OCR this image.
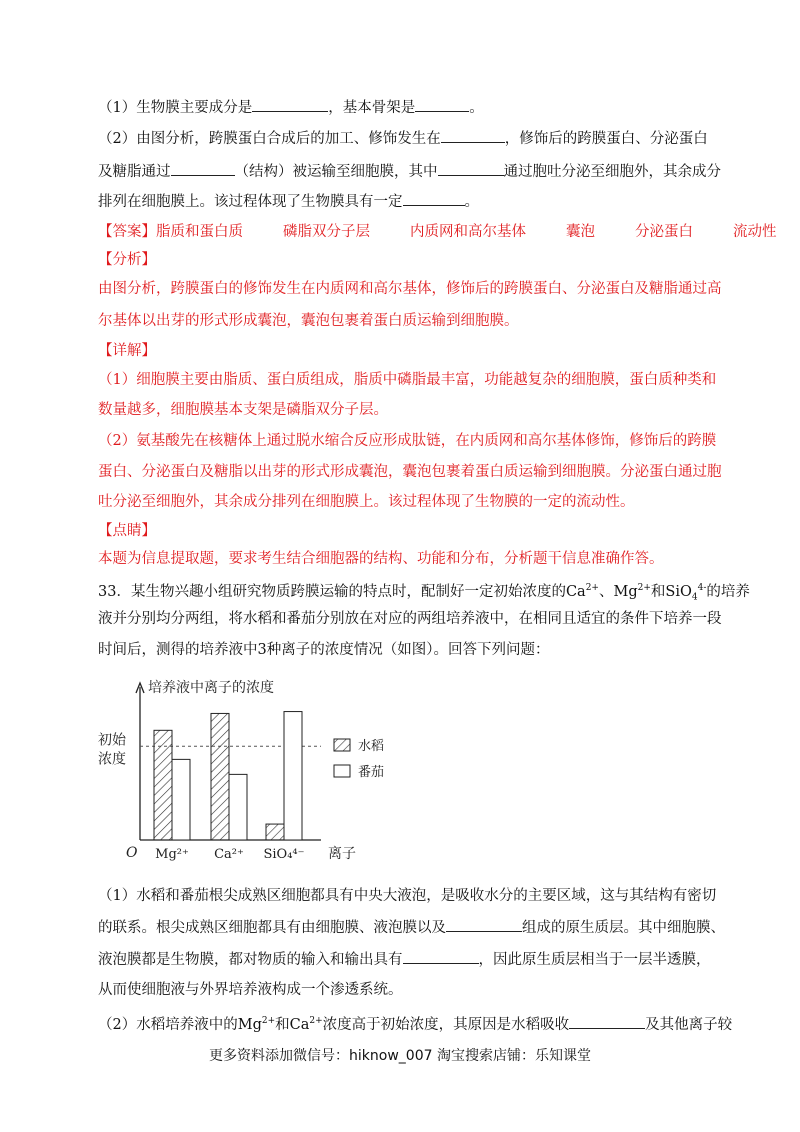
（1）生物膜主要成分是	，基本骨架是	。
（2）由图分析，跨膜蛋白合成后的加工、修饰发生在	，修饰后的跨膜蛋白、分泌蛋白
及糖脂通过	（结构）被运输至细胞膜，其中	通过胞吐分泌至细胞外，其余成分
排列在细胞膜上。该过程体现了生物膜具有一定	。
【答案】脂质和蛋白质	磷脂双分子层	内质网和高尔基体	囊泡	分泌蛋白	流动性
【分析】
由图分析，跨膜蛋白的修饰发生在内质网和高尔基体，修饰后的跨膜蛋白、分泌蛋白及糖脂通过高
尔基体以出芽的形式形成囊泡，囊泡包裹着蛋白质运输到细胞膜。
【详解】
（1）细胞膜主要由脂质、蛋白质组成，脂质中磷脂最丰富，功能越复杂的细胞膜，蛋白质种类和
数量越多，细胞膜基本支架是磷脂双分子层。
（2）氨基酸先在核糖体上通过脱水缩合反应形成肽链，在内质网和高尔基体修饰，修饰后的跨膜
蛋白、分泌蛋白及糖脂以出芽的形式形成囊泡，囊泡包裹着蛋白质运输到细胞膜。分泌蛋白通过胞
吐分泌至细胞外，其余成分排列在细胞膜上。该过程体现了生物膜的一定的流动性。
【点睛】
本题为信息提取题，要求考生结合细胞器的结构、功能和分布，分析题干信息准确作答。
33．某生物兴趣小组研究物质跨膜运输的特点时，配制好一定初始浓度的$Ca^{2+}$、$Mg^{2+}$和SiO$_4^{4-}$的培养
液并分别均分两组，将水稻和番茄分别放在对应的两组培养液中，在相同且适宜的条件下培养一段
时间后，测得的培养液中3种离子的浓度情况（如图）。回答下列问题：
培养液中离子的浓度
O	离子
初始
浓度
Mg²⁺ Ca²⁺ SiO₄⁴⁻
水稻
番茄
（1）水稻和番茄根尖成熟区细胞都具有中央大液泡，是吸收水分的主要区域，这与其结构有密切
的联系。根尖成熟区细胞都具有由细胞膜、液泡膜以及	组成的原生质层。其中细胞膜、
液泡膜都是生物膜，都对物质的输入和输出具有	，因此原生质层相当于一层半透膜，
从而使细胞液与外界培养液构成一个渗透系统。
（2）水稻培养液中的$Mg^{2+}$和$Ca^{2+}$浓度高于初始浓度，其原因是水稻吸收	及其他离子较
更多资料添加微信号：hiknow_007 淘宝搜索店铺：乐知课堂
